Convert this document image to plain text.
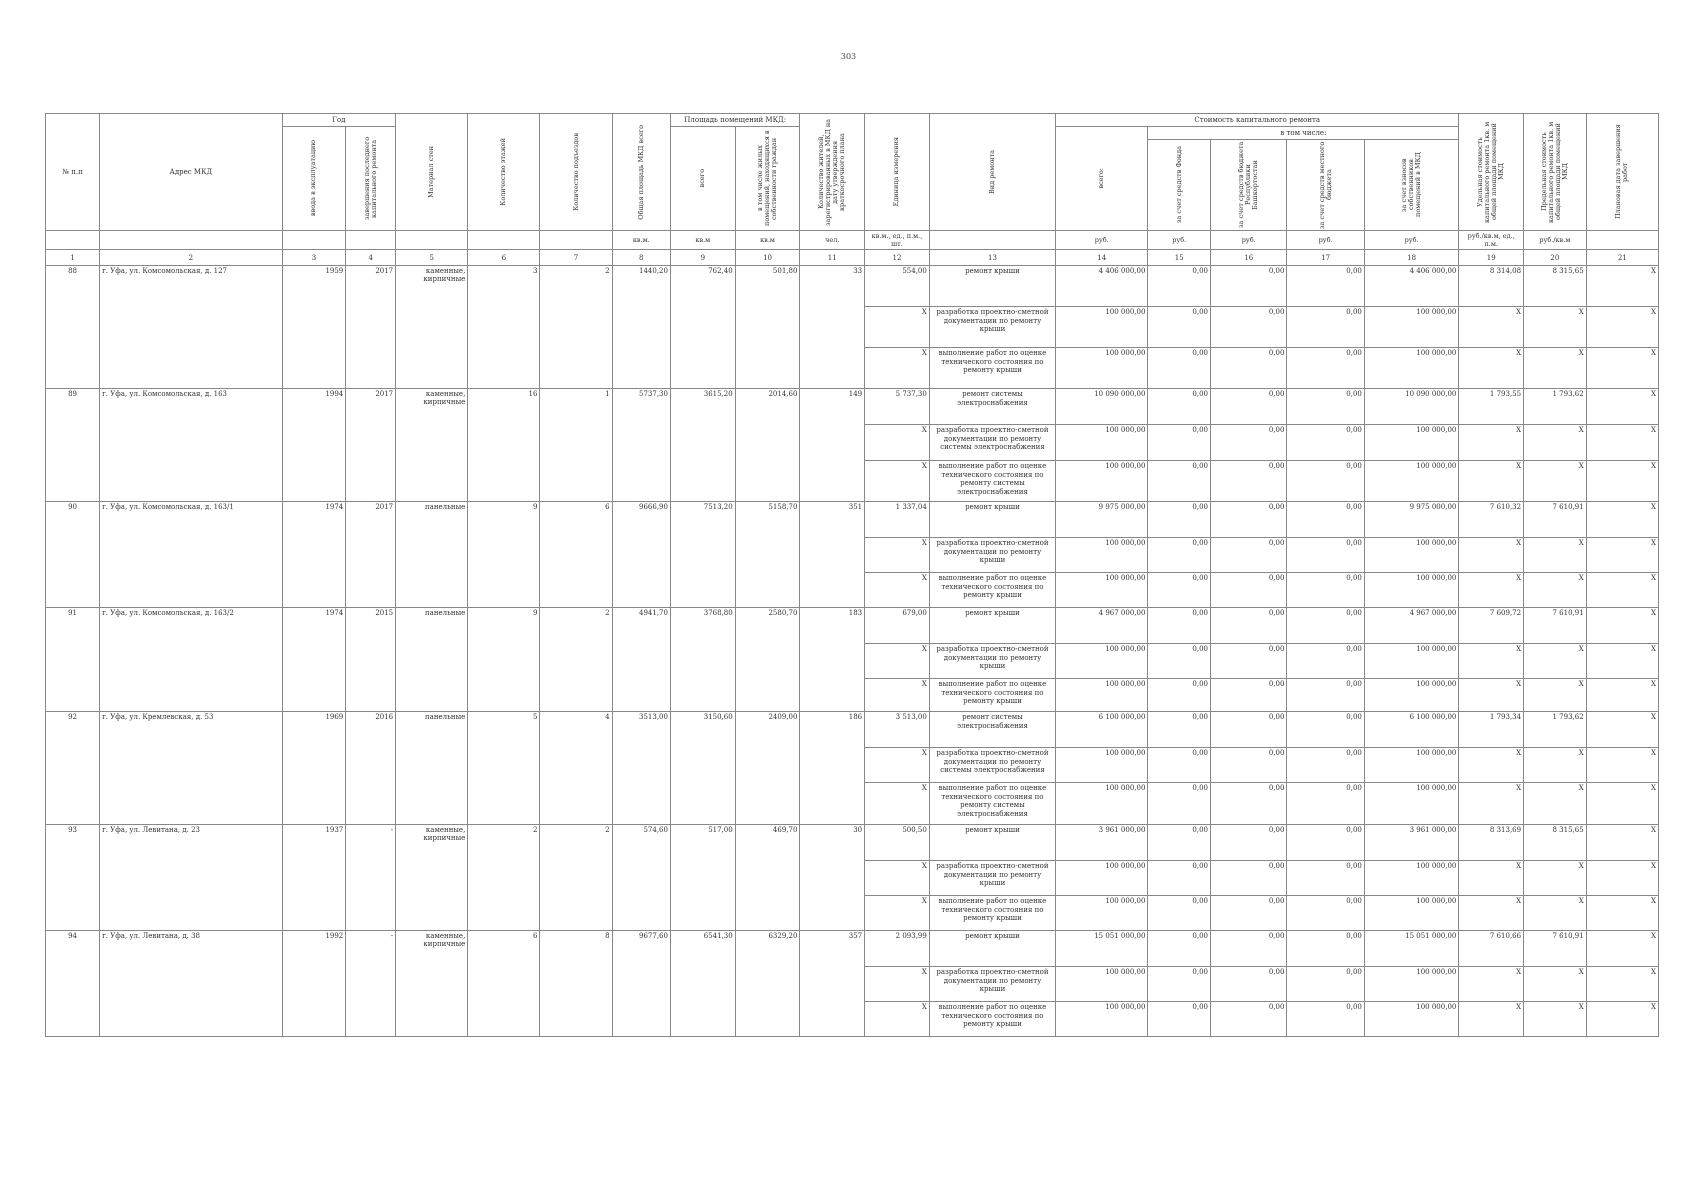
303
№ п.п	Адрес МКД	Год		Материал стен	Количество этажей	Количество подъездов	Общая площадь МКД всего	Площадь помещений МКД:		Количество жителей, зарегистрированных в МКД на дату утверждения краткосрочного плана	Единица измерения	Вид ремонта	Стоимость капитального ремонта					Удельная стоимость капитального ремонта 1кв. м общей площади помещений МКД	Предельная стоимость капитального ремонта 1кв. м общей площади помещений МКД	Плановая дата завершения работ

		ввода в эксплуатацию	завершения последнего капитального ремонта					всего	в том числе жилых помещений, находящихся в собственности граждан				всего:	в том числе:						

														за счет средств Фонда	за счет средств бюджета Республики Башкортостан	за счет средств местного бюджета	за счет взносов собственников помещений в МКД			

							кв.м.	кв.м	кв.м	чел.	кв.м., ед., п.м., шт.		руб.	руб.	руб.	руб.	руб.	руб./кв.м, ед., п.м.	руб./кв.м	
1	2	3	4	5	6	7	8	9	10	11	12	13	14	15	16	17	18	19	20	21
88	г. Уфа, ул. Комсомольская, д. 127	1959	2017	каменные, кирпичные	3	2	1440,20	762,40	501,80	33	554,00	ремонт крыши	4 406 000,00	0,00	0,00	0,00	4 406 000,00	8 314,08	8 315,65	X
											X	разработка проектно-сметной документации по ремонту крыши	100 000,00	0,00	0,00	0,00	100 000,00	X	X	X
											X	выполнение работ по оценке технического состояния по ремонту крыши	100 000,00	0,00	0,00	0,00	100 000,00	X	X	X
89	г. Уфа, ул. Комсомольская, д. 163	1994	2017	каменные, кирпичные	16	1	5737,30	3615,20	2014,60	149	5 737,30	ремонт системы электроснабжения	10 090 000,00	0,00	0,00	0,00	10 090 000,00	1 793,55	1 793,62	X
											X	разработка проектно-сметной документации по ремонту системы электроснабжения	100 000,00	0,00	0,00	0,00	100 000,00	X	X	X
											X	выполнение работ по оценке технического состояния по ремонту системы электроснабжения	100 000,00	0,00	0,00	0,00	100 000,00	X	X	X
90	г. Уфа, ул. Комсомольская, д. 163/1	1974	2017	панельные	9	6	9666,90	7513,20	5158,70	351	1 337,04	ремонт крыши	9 975 000,00	0,00	0,00	0,00	9 975 000,00	7 610,32	7 610,91	X
											X	разработка проектно-сметной документации по ремонту крыши	100 000,00	0,00	0,00	0,00	100 000,00	X	X	X
											X	выполнение работ по оценке технического состояния по ремонту крыши	100 000,00	0,00	0,00	0,00	100 000,00	X	X	X
91	г. Уфа, ул. Комсомольская, д. 163/2	1974	2015	панельные	9	2	4941,70	3768,80	2580,70	183	679,00	ремонт крыши	4 967 000,00	0,00	0,00	0,00	4 967 000,00	7 609,72	7 610,91	X
											X	разработка проектно-сметной документации по ремонту крыши	100 000,00	0,00	0,00	0,00	100 000,00	X	X	X
											X	выполнение работ по оценке технического состояния по ремонту крыши	100 000,00	0,00	0,00	0,00	100 000,00	X	X	X
92	г. Уфа, ул. Кремлевская, д. 53	1969	2016	панельные	5	4	3513,00	3150,60	2409,00	186	3 513,00	ремонт системы электроснабжения	6 100 000,00	0,00	0,00	0,00	6 100 000,00	1 793,34	1 793,62	X
											X	разработка проектно-сметной документации по ремонту системы электроснабжения	100 000,00	0,00	0,00	0,00	100 000,00	X	X	X
											X	выполнение работ по оценке технического состояния по ремонту системы электроснабжения	100 000,00	0,00	0,00	0,00	100 000,00	X	X	X
93	г. Уфа, ул. Левитана, д. 23	1937	-	каменные, кирпичные	2	2	574,60	517,00	469,70	30	500,50	ремонт крыши	3 961 000,00	0,00	0,00	0,00	3 961 000,00	8 313,69	8 315,65	X
											X	разработка проектно-сметной документации по ремонту крыши	100 000,00	0,00	0,00	0,00	100 000,00	X	X	X
											X	выполнение работ по оценке технического состояния по ремонту крыши	100 000,00	0,00	0,00	0,00	100 000,00	X	X	X
94	г. Уфа, ул. Левитана, д. 38	1992	-	каменные, кирпичные	6	8	9677,60	6541,30	6329,20	357	2 093,99	ремонт крыши	15 051 000,00	0,00	0,00	0,00	15 051 000,00	7 610,66	7 610,91	X
											X	разработка проектно-сметной документации по ремонту крыши	100 000,00	0,00	0,00	0,00	100 000,00	X	X	X
											X	выполнение работ по оценке технического состояния по ремонту крыши	100 000,00	0,00	0,00	0,00	100 000,00	X	X	X
